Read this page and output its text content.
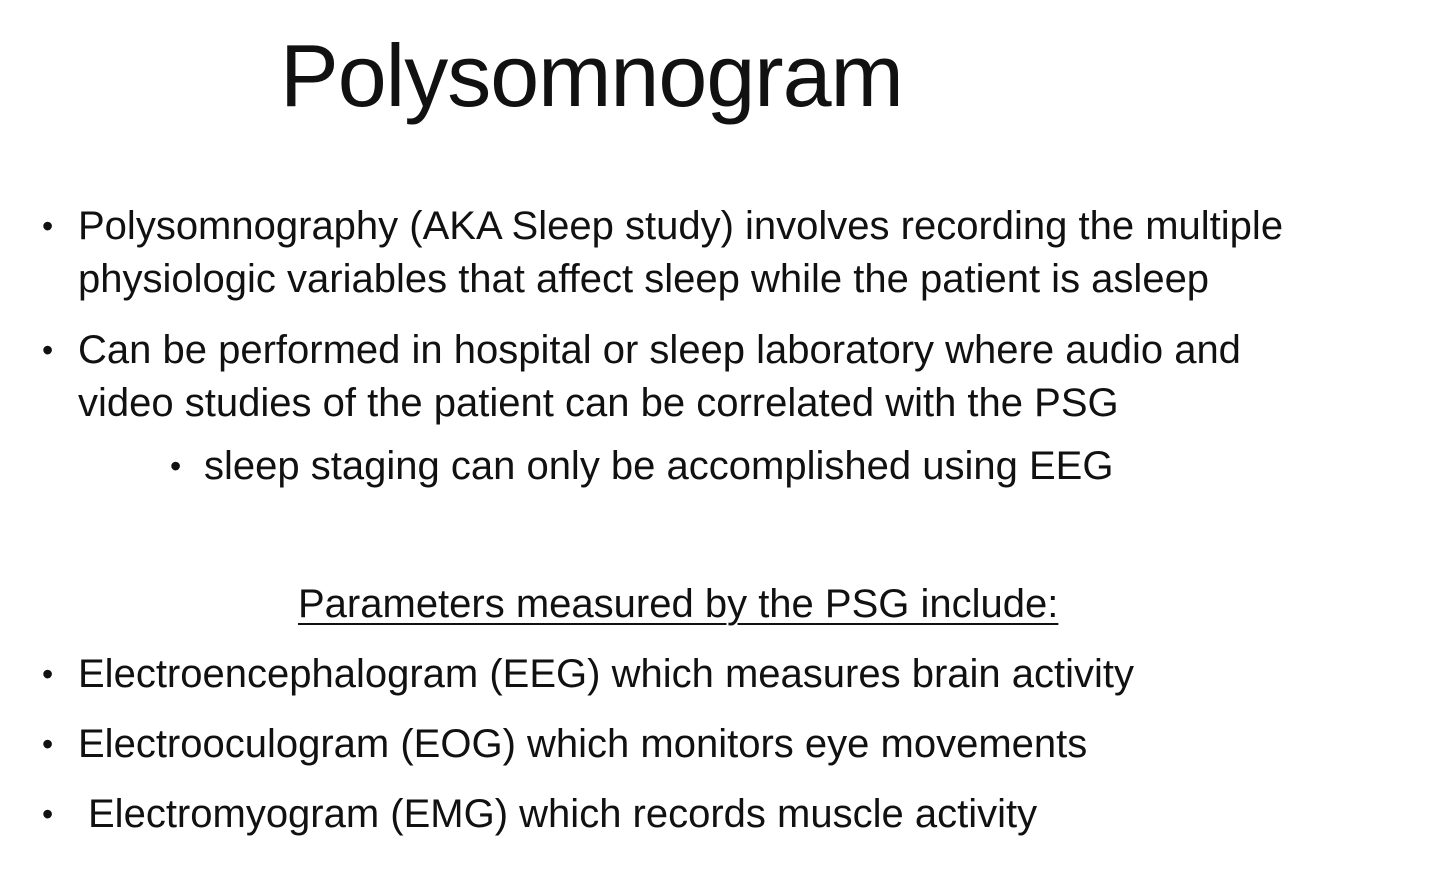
Polysomnogram
• Polysomnography (AKA Sleep study) involves recording the multiple
physiologic variables that affect sleep while the patient is asleep
• Can be performed in hospital or sleep laboratory where audio and
video studies of the patient can be correlated with the PSG
• sleep staging can only be accomplished using EEG
Parameters measured by the PSG include:
• Electroencephalogram (EEG) which measures brain activity
• Electrooculogram (EOG) which monitors eye movements
• Electromyogram (EMG) which records muscle activity
